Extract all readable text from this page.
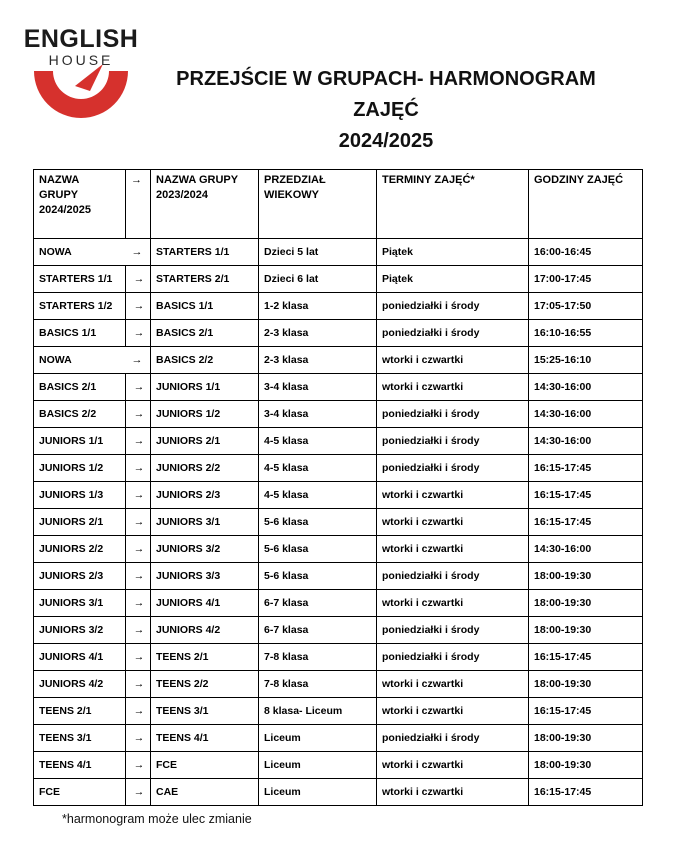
ENGLISH
HOUSE
PRZEJŚCIE W GRUPACH- HARMONOGRAM ZAJĘĆ
2024/2025
NAZWA GRUPY 2024/2025	→	NAZWA GRUPY 2023/2024	PRZEDZIAŁ WIEKOWY	TERMINY ZAJĘĆ*	GODZINY ZAJĘĆ

NOWA →		STARTERS 1/1	Dzieci 5 lat	Piątek	16:00-16:45
STARTERS 1/1	→	STARTERS 2/1	Dzieci 6 lat	Piątek	17:00-17:45
STARTERS 1/2	→	BASICS 1/1	1-2 klasa	poniedziałki i środy	17:05-17:50
BASICS 1/1	→	BASICS 2/1	2-3 klasa	poniedziałki i środy	16:10-16:55

NOWA →		BASICS 2/2	2-3 klasa	wtorki i czwartki	15:25-16:10
BASICS 2/1	→	JUNIORS 1/1	3-4 klasa	wtorki i czwartki	14:30-16:00
BASICS 2/2	→	JUNIORS 1/2	3-4 klasa	poniedziałki i środy	14:30-16:00
JUNIORS 1/1	→	JUNIORS 2/1	4-5 klasa	poniedziałki i środy	14:30-16:00
JUNIORS 1/2	→	JUNIORS 2/2	4-5 klasa	poniedziałki i środy	16:15-17:45
JUNIORS 1/3	→	JUNIORS 2/3	4-5 klasa	wtorki i czwartki	16:15-17:45
JUNIORS 2/1	→	JUNIORS 3/1	5-6 klasa	wtorki i czwartki	16:15-17:45
JUNIORS 2/2	→	JUNIORS 3/2	5-6 klasa	wtorki i czwartki	14:30-16:00
JUNIORS 2/3	→	JUNIORS 3/3	5-6 klasa	poniedziałki i środy	18:00-19:30
JUNIORS 3/1	→	JUNIORS 4/1	6-7 klasa	wtorki i czwartki	18:00-19:30
JUNIORS 3/2	→	JUNIORS 4/2	6-7 klasa	poniedziałki i środy	18:00-19:30
JUNIORS 4/1	→	TEENS 2/1	7-8 klasa	poniedziałki i środy	16:15-17:45
JUNIORS 4/2	→	TEENS 2/2	7-8 klasa	wtorki i czwartki	18:00-19:30
TEENS 2/1	→	TEENS 3/1	8 klasa- Liceum	wtorki i czwartki	16:15-17:45
TEENS 3/1	→	TEENS 4/1	Liceum	poniedziałki i środy	18:00-19:30
TEENS 4/1	→	FCE	Liceum	wtorki i czwartki	18:00-19:30
FCE	→	CAE	Liceum	wtorki i czwartki	16:15-17:45
*harmonogram może ulec zmianie
